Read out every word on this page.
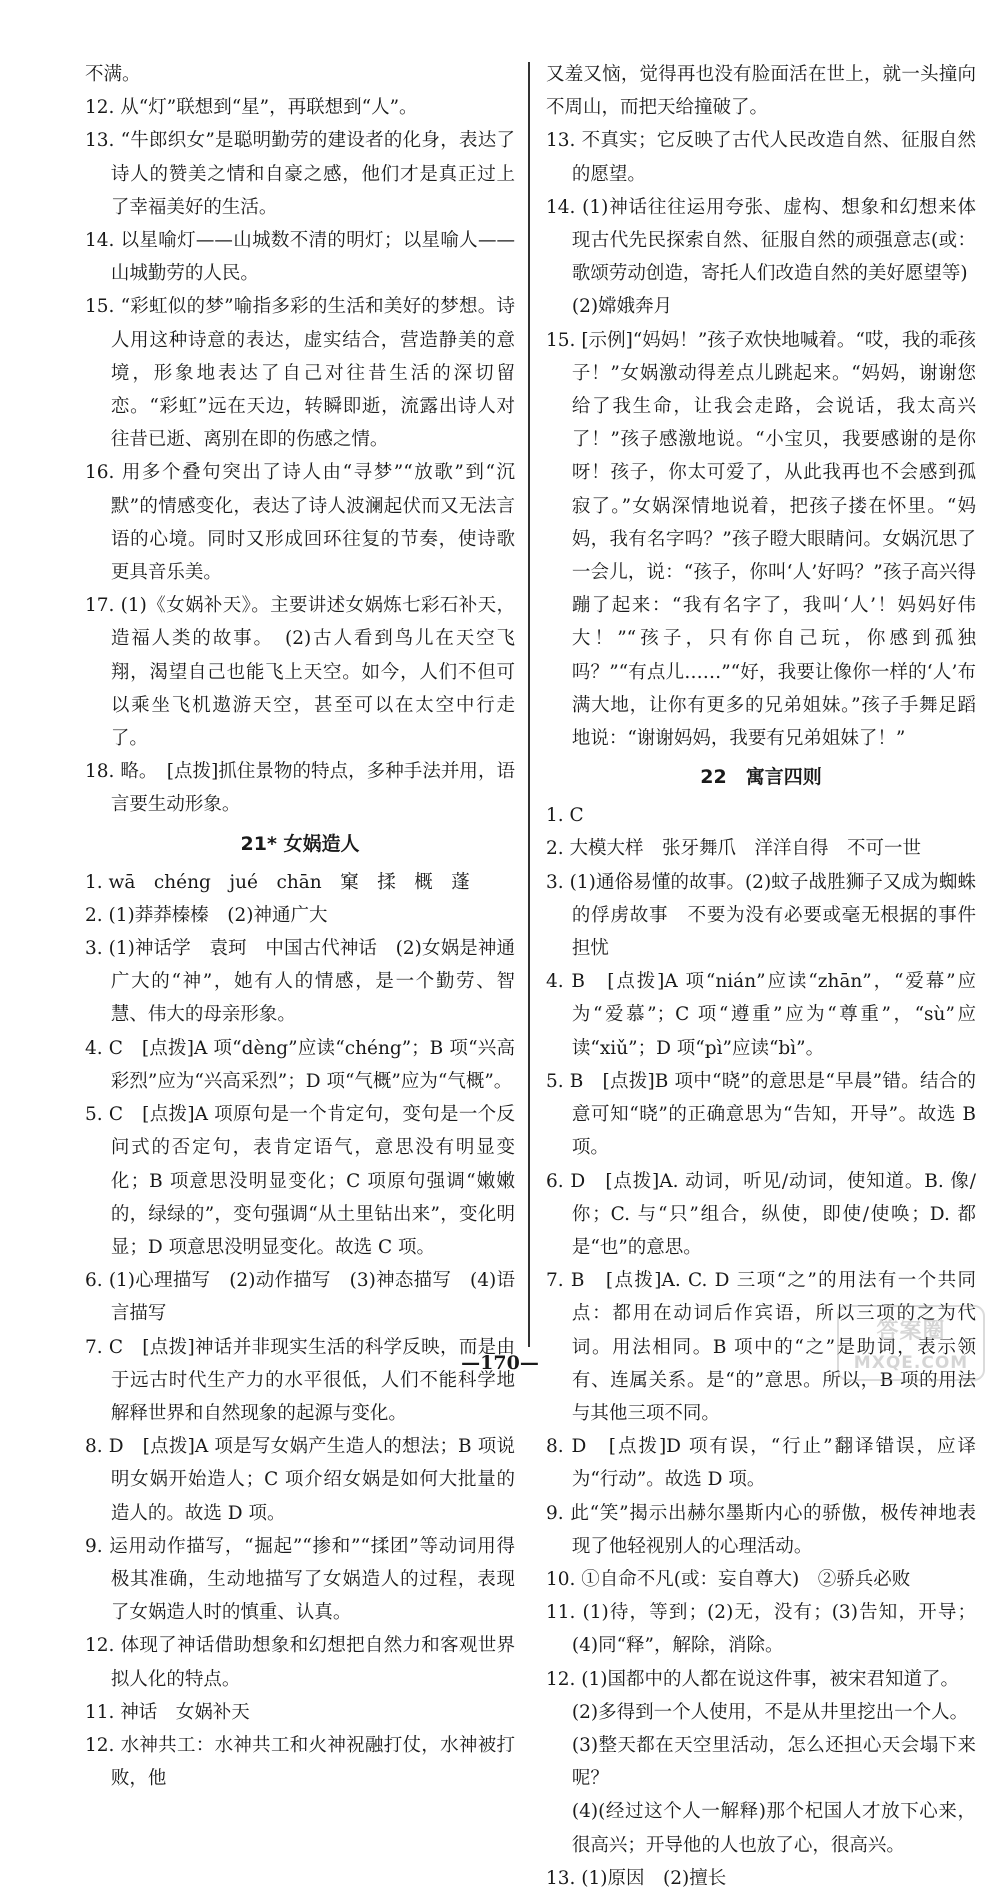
不满。

12. 从“灯”联想到“星”，再联想到“人”。

13. “牛郎织女”是聪明勤劳的建设者的化身，表达了诗人的赞美之情和自豪之感，他们才是真正过上了幸福美好的生活。

14. 以星喻灯——山城数不清的明灯；以星喻人——山城勤劳的人民。

15. “彩虹似的梦”喻指多彩的生活和美好的梦想。诗人用这种诗意的表达，虚实结合，营造静美的意境，形象地表达了自己对往昔生活的深切留恋。“彩虹”远在天边，转瞬即逝，流露出诗人对往昔已逝、离别在即的伤感之情。

16. 用多个叠句突出了诗人由“寻梦”“放歌”到“沉默”的情感变化，表达了诗人波澜起伏而又无法言语的心境。同时又形成回环往复的节奏，使诗歌更具音乐美。

17. (1)《女娲补天》。主要讲述女娲炼七彩石补天，造福人类的故事。　(2)古人看到鸟儿在天空飞翔，渴望自己也能飞上天空。如今，人们不但可以乘坐飞机遨游天空，甚至可以在太空中行走了。

18. 略。　[点拨]抓住景物的特点，多种手法并用，语言要生动形象。

21* 女娲造人

1. wā　chéng　jué　chān　窠　揉　概　蓬

2. (1)莽莽榛榛　(2)神通广大

3. (1)神话学　袁珂　中国古代神话　(2)女娲是神通广大的“神”，她有人的情感，是一个勤劳、智慧、伟大的母亲形象。

4. C　[点拨]A 项“dèng”应读“chéng”；B 项“兴高彩烈”应为“兴高采烈”；D 项“气概”应为“气概”。

5. C　[点拨]A 项原句是一个肯定句，变句是一个反问式的否定句，表肯定语气，意思没有明显变化；B 项意思没明显变化；C 项原句强调“嫩嫩的，绿绿的”，变句强调“从土里钻出来”，变化明显；D 项意思没明显变化。故选 C 项。

6. (1)心理描写　(2)动作描写　(3)神态描写　(4)语言描写

7. C　[点拨]神话并非现实生活的科学反映，而是由于远古时代生产力的水平很低，人们不能科学地解释世界和自然现象的起源与变化。

8. D　[点拨]A 项是写女娲产生造人的想法；B 项说明女娲开始造人；C 项介绍女娲是如何大批量的造人的。故选 D 项。

9. 运用动作描写，“掘起”“掺和”“揉团”等动词用得极其准确，生动地描写了女娲造人的过程，表现了女娲造人时的慎重、认真。

12. 体现了神话借助想象和幻想把自然力和客观世界拟人化的特点。

11. 神话　女娲补天

12. 水神共工：水神共工和火神祝融打仗，水神被打败，他

又羞又恼，觉得再也没有脸面活在世上，就一头撞向不周山，而把天给撞破了。

13. 不真实；它反映了古代人民改造自然、征服自然的愿望。

14. (1)神话往往运用夸张、虚构、想象和幻想来体现古代先民探索自然、征服自然的顽强意志(或：歌颂劳动创造，寄托人们改造自然的美好愿望等)

(2)嫦娥奔月

15. [示例]“妈妈！”孩子欢快地喊着。“哎，我的乖孩子！”女娲激动得差点儿跳起来。“妈妈，谢谢您给了我生命，让我会走路，会说话，我太高兴了！”孩子感激地说。“小宝贝，我要感谢的是你呀！孩子，你太可爱了，从此我再也不会感到孤寂了。”女娲深情地说着，把孩子搂在怀里。“妈妈，我有名字吗？”孩子瞪大眼睛问。女娲沉思了一会儿，说：“孩子，你叫‘人’好吗？”孩子高兴得蹦了起来：“我有名字了，我叫‘人’！妈妈好伟大！”“孩子，只有你自己玩，你感到孤独吗？”“有点儿……”“好，我要让像你一样的‘人’布满大地，让你有更多的兄弟姐妹。”孩子手舞足蹈地说：“谢谢妈妈，我要有兄弟姐妹了！”

22　寓言四则

1. C

2. 大模大样　张牙舞爪　洋洋自得　不可一世

3. (1)通俗易懂的故事。(2)蚊子战胜狮子又成为蜘蛛的俘虏故事　不要为没有必要或毫无根据的事件担忧

4. B　[点拨]A 项“nián”应读“zhān”，“爱幕”应为“爱慕”；C 项“遵重”应为“尊重”，“sù”应读“xiǔ”；D 项“pì”应读“bì”。

5. B　[点拨]B 项中“晓”的意思是“早晨”错。结合的意可知“晓”的正确意思为“告知，开导”。故选 B 项。

6. D　[点拨]A. 动词，听见/动词，使知道。B. 像/你；C. 与“只”组合，纵使，即使/使唤；D. 都是“也”的意思。

7. B　[点拨]A. C. D 三项“之”的用法有一个共同点：都用在动词后作宾语，所以三项的之为代词。用法相同。B 项中的“之”是助词，表示领有、连属关系。是“的”意思。所以，B 项的用法与其他三项不同。

8. D　[点拨]D 项有误，“行止”翻译错误，应译为“行动”。故选 D 项。

9. 此“笑”揭示出赫尔墨斯内心的骄傲，极传神地表现了他轻视别人的心理活动。

10. ①自命不凡(或：妄自尊大)　②骄兵必败

11. (1)待，等到；(2)无，没有；(3)告知，开导；(4)同“释”，解除，消除。

12. (1)国都中的人都在说这件事，被宋君知道了。

(2)多得到一个人使用，不是从井里挖出一个人。

(3)整天都在天空里活动，怎么还担心天会塌下来呢？

(4)(经过这个人一解释)那个杞国人才放下心来，很高兴；开导他的人也放了心，很高兴。

13. (1)原因　(2)擅长

—170—
答案圈
MXQE.COM
